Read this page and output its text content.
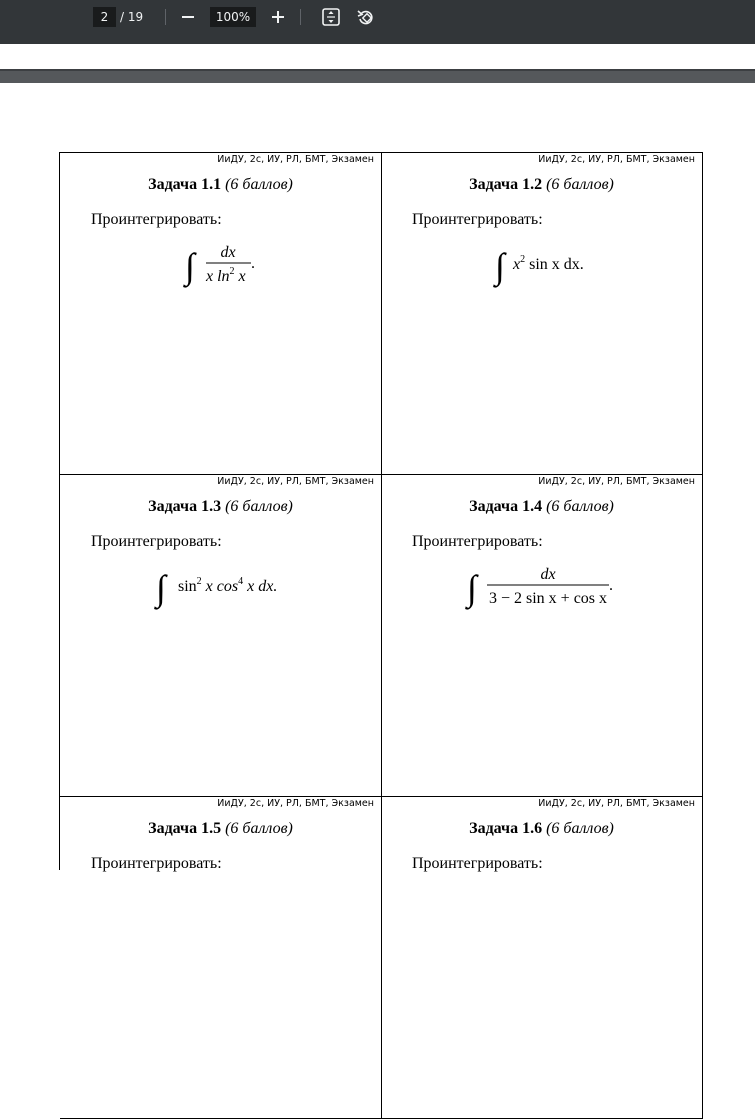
2 / 19	100%
ИиДУ, 2с, ИУ, РЛ, БМТ, Экзамен
Задача 1.1 (6 баллов)
Проинтегрировать:
∫ dx
x $\ln^2 x$
.
ИиДУ, 2с, ИУ, РЛ, БМТ, Экзамен
Задача 1.2 (6 баллов)
Проинтегрировать:
∫ $x^2$ sin x dx.
ИиДУ, 2с, ИУ, РЛ, БМТ, Экзамен
Задача 1.3 (6 баллов)
Проинтегрировать:
∫ $\sin^2 x$ $\cos^4 x$ dx.
ИиДУ, 2с, ИУ, РЛ, БМТ, Экзамен
Задача 1.4 (6 баллов)
Проинтегрировать:
∫	dx
3 − 2 sin x + cos x
.
ИиДУ, 2с, ИУ, РЛ, БМТ, Экзамен
Задача 1.5 (6 баллов)
Проинтегрировать:
ИиДУ, 2с, ИУ, РЛ, БМТ, Экзамен
Задача 1.6 (6 баллов)
Проинтегрировать:
